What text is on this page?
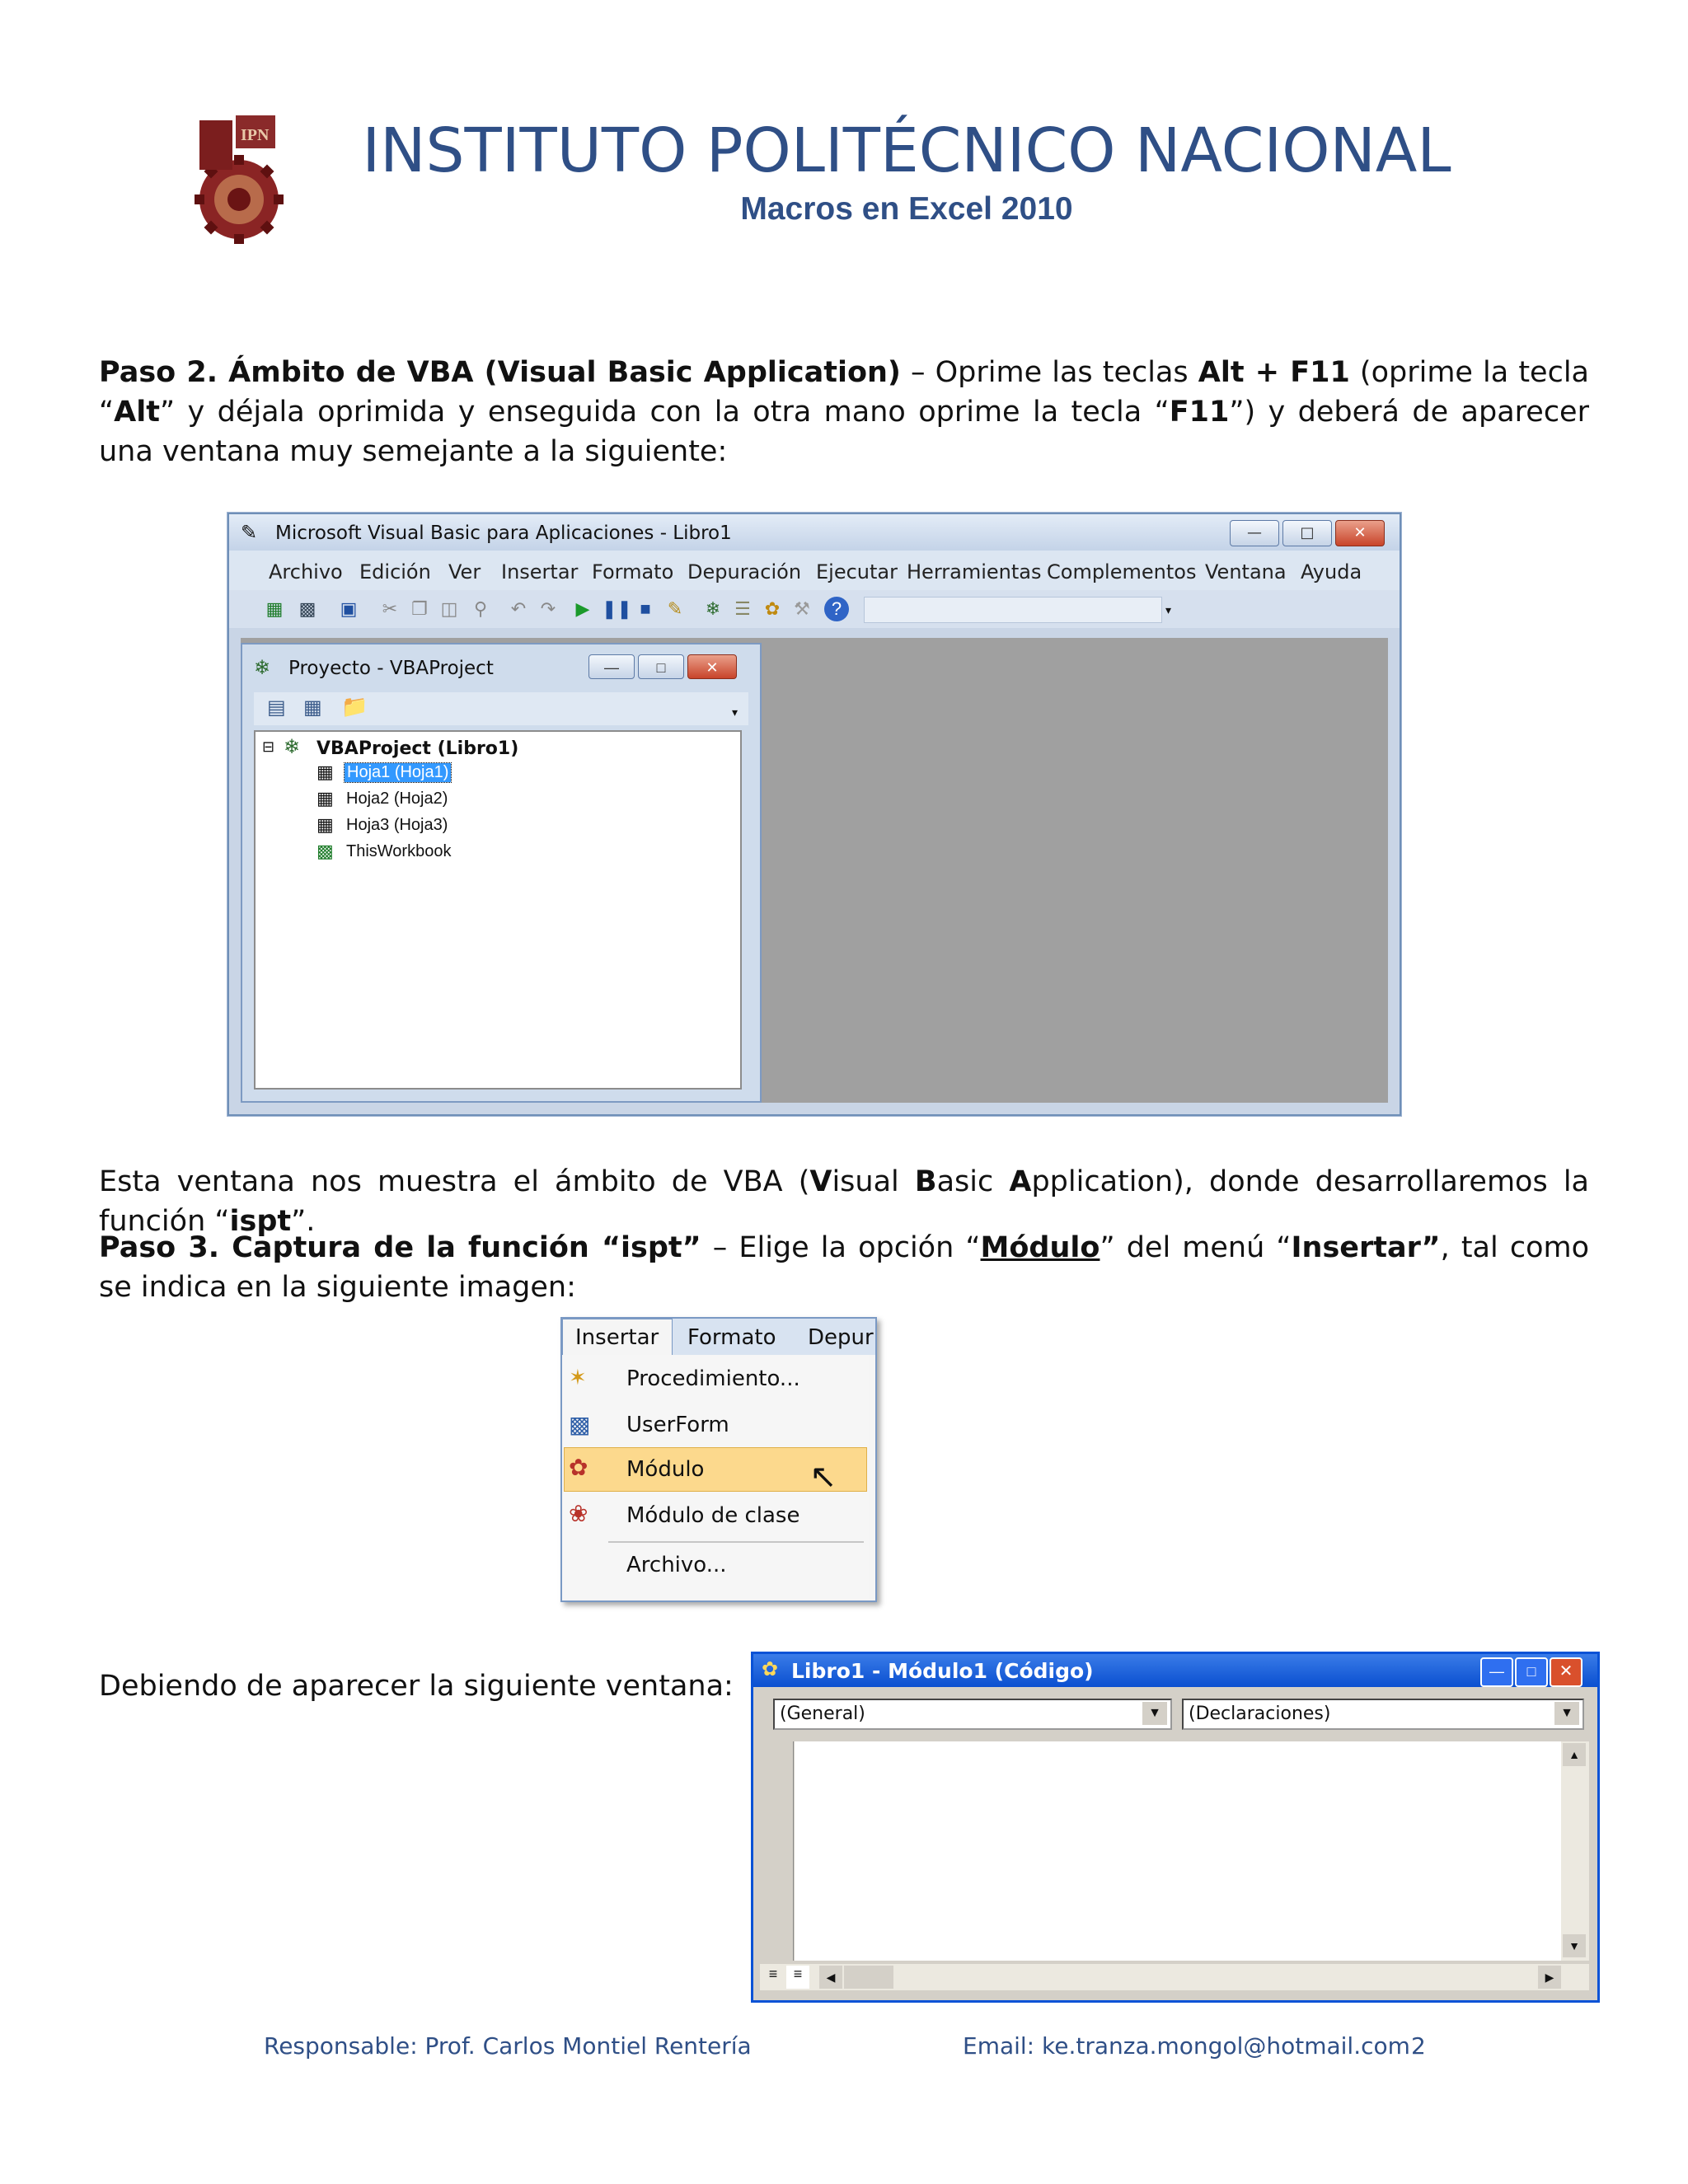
IPN	INSTITUTO POLITÉCNICO NACIONAL
Macros en Excel 2010
Paso 2. Ámbito de VBA (Visual Basic Application) – Oprime las teclas Alt + F11 (oprime la tecla “Alt” y déjala oprimida y enseguida con la otra mano oprime la tecla “F11”) y deberá de aparecer una ventana muy semejante a la siguiente:
✎ Microsoft Visual Basic para Aplicaciones - Libro1	—	□	✕
Archivo Edición Ver Insertar Formato Depuración Ejecutar Herramientas Complementos Ventana Ayuda
▦ ▩ ▣ ✂ ❐ ◫ ⚲	↶ ↷ ▶ ❚❚ ■ ✎ ❄ ☰ ✿ ⚒	?	▾
❄ Proyecto - VBAProject	—	□	✕
▤ ▦ 📁	▾
⊟ ❄ VBAProject (Libro1)
▦ Hoja1 (Hoja1)
▦ Hoja2 (Hoja2)
▦ Hoja3 (Hoja3)
▩ ThisWorkbook
Esta ventana nos muestra el ámbito de VBA (Visual Basic Application), donde desarrollaremos la función “ispt”.
Paso 3. Captura de la función “ispt” – Elige la opción “Módulo” del menú “Insertar”, tal como se indica en la siguiente imagen:
Insertar Formato Depur
✶ Procedimiento...
▩ UserForm
✿ Módulo	↖
❀ Módulo de clase
Archivo...
Debiendo de aparecer la siguiente ventana:
✿ Libro1 - Módulo1 (Código)	—	□	✕
(General)	▼	(Declaraciones)	▼
▲
▼
≡	≡	◀	▶
Responsable: Prof. Carlos Montiel Rentería	Email: ke.tranza.mongol@hotmail.com 2
